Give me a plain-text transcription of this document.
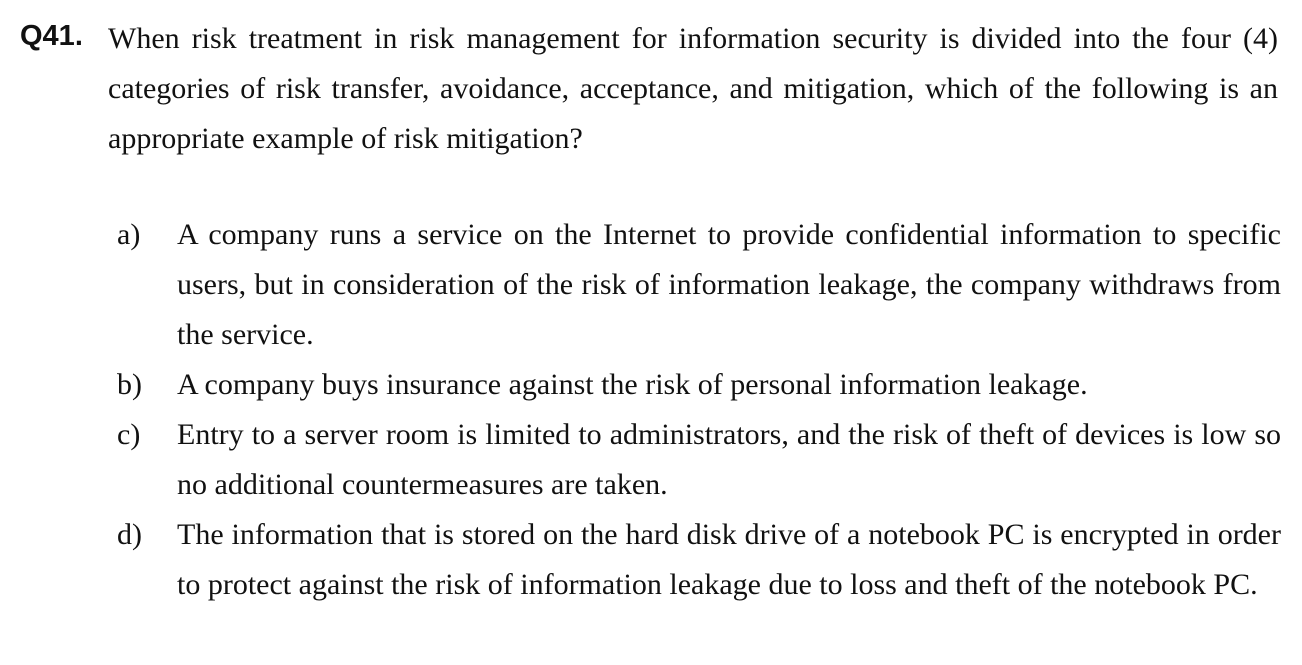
Q41. When risk treatment in risk management for information security is divided into the four (4) categories of risk transfer, avoidance, acceptance, and mitigation, which of the following is an appropriate example of risk mitigation?
a) A company runs a service on the Internet to provide confidential information to specific users, but in consideration of the risk of information leakage, the company withdraws from the service.
b) A company buys insurance against the risk of personal information leakage.
c) Entry to a server room is limited to administrators, and the risk of theft of devices is low so no additional countermeasures are taken.
d) The information that is stored on the hard disk drive of a notebook PC is encrypted in order to protect against the risk of information leakage due to loss and theft of the notebook PC.
